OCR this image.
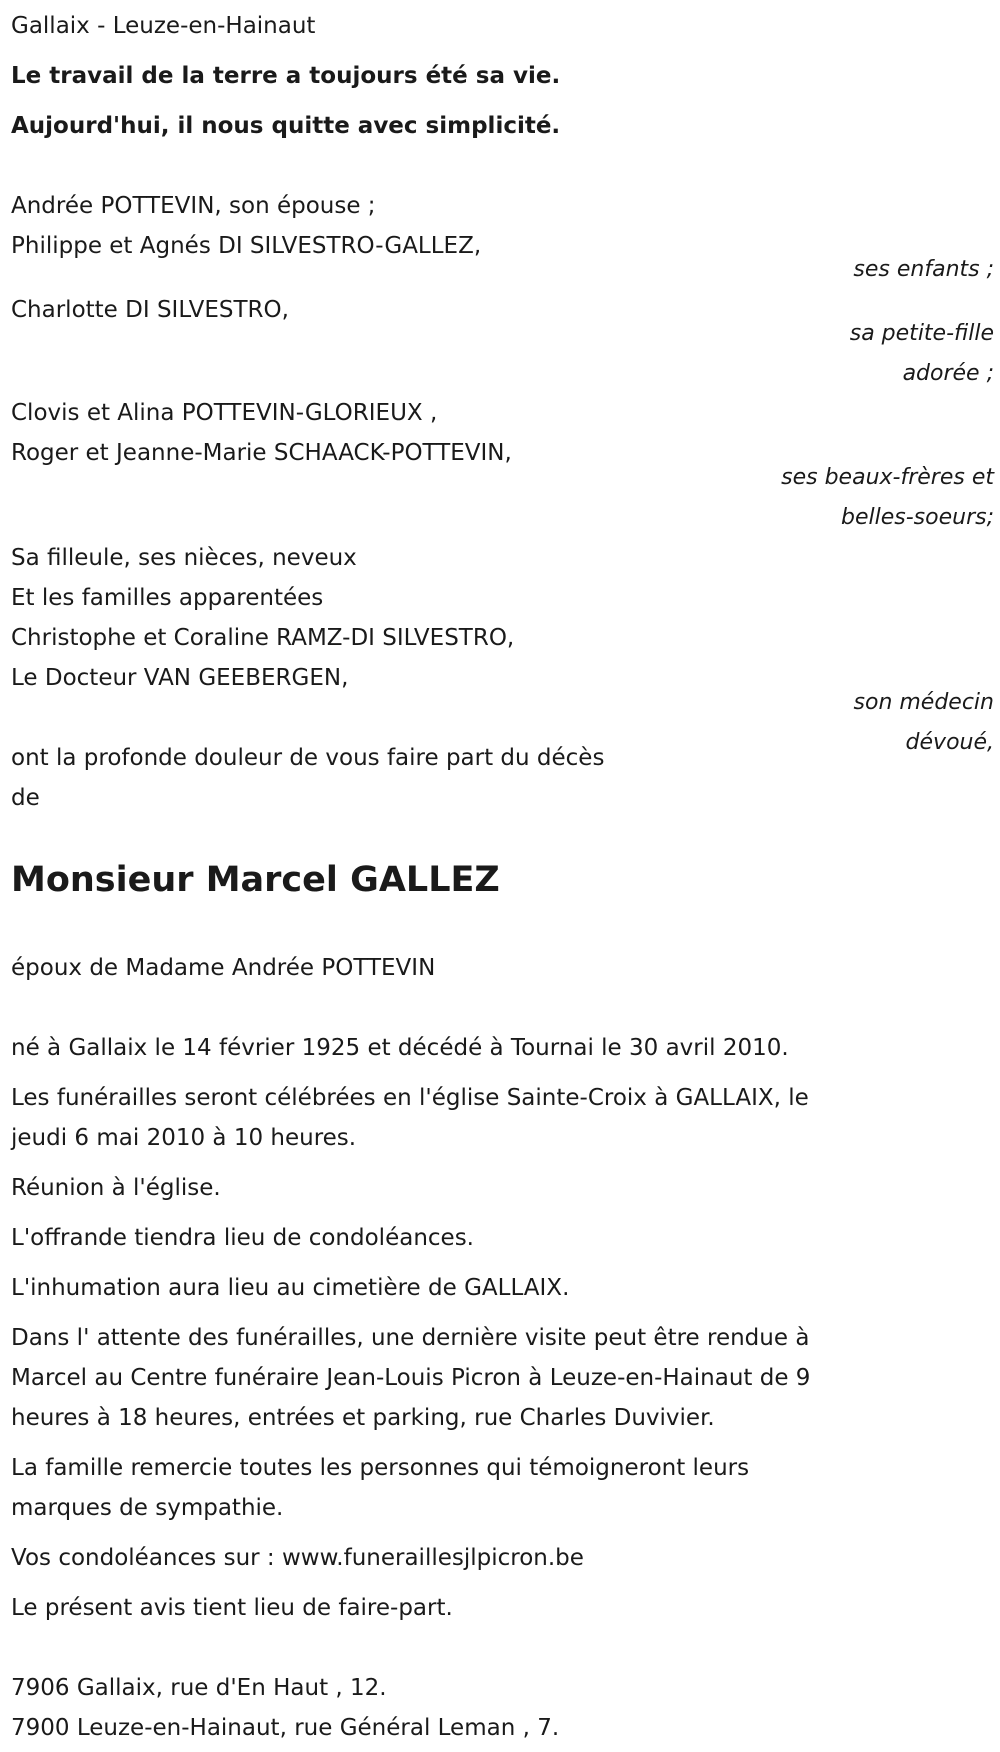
Gallaix - Leuze-en-Hainaut
Le travail de la terre a toujours été sa vie.
Aujourd'hui, il nous quitte avec simplicité.
Andrée POTTEVIN, son épouse ;
Philippe et Agnés DI SILVESTRO-GALLEZ,
ses enfants ;
Charlotte DI SILVESTRO,
sa petite-fille
adorée ;
Clovis et Alina POTTEVIN-GLORIEUX ,
Roger et Jeanne-Marie SCHAACK-POTTEVIN,
ses beaux-frères et
belles-soeurs;
Sa filleule, ses nièces, neveux
Et les familles apparentées
Christophe et Coraline RAMZ-DI SILVESTRO,
Le Docteur VAN GEEBERGEN,
son médecin
dévoué,
ont la profonde douleur de vous faire part du décès
de
Monsieur Marcel GALLEZ
époux de Madame Andrée POTTEVIN
né à Gallaix le 14 février 1925 et décédé à Tournai le 30 avril 2010.
Les funérailles seront célébrées en l'église Sainte-Croix à GALLAIX, le
jeudi 6 mai 2010 à 10 heures.
Réunion à l'église.
L'offrande tiendra lieu de condoléances.
L'inhumation aura lieu au cimetière de GALLAIX.
Dans l' attente des funérailles, une dernière visite peut être rendue à
Marcel au Centre funéraire Jean-Louis Picron à Leuze-en-Hainaut de 9
heures à 18 heures, entrées et parking, rue Charles Duvivier.
La famille remercie toutes les personnes qui témoigneront leurs
marques de sympathie.
Vos condoléances sur : www.funeraillesjlpicron.be
Le présent avis tient lieu de faire-part.
7906 Gallaix, rue d'En Haut , 12.
7900 Leuze-en-Hainaut, rue Général Leman , 7.
